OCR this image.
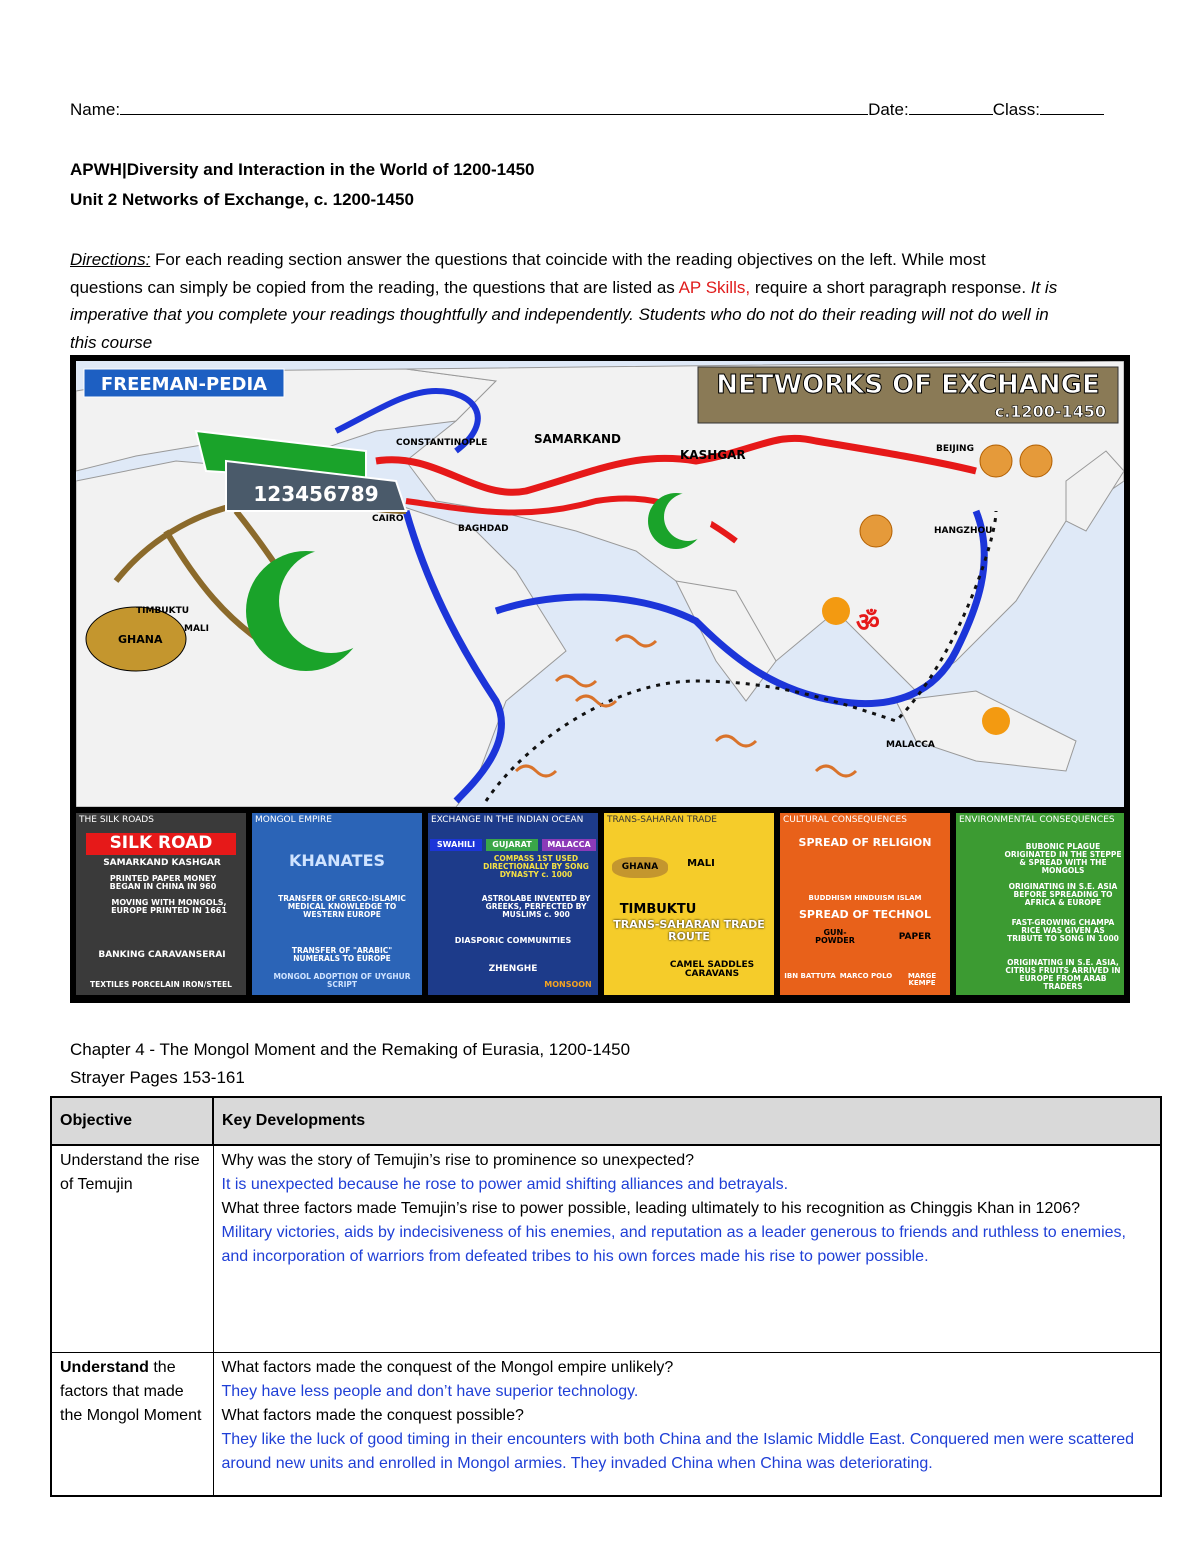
Name:	Date:	Class:
APWH|Diversity and Interaction in the World of 1200-1450
Unit 2 Networks of Exchange, c. 1200-1450
Directions: For each reading section answer the questions that coincide with the reading objectives on the left. While most
questions can simply be copied from the reading, the questions that are listed as AP Skills, require a short paragraph response. It is
imperative that you complete your readings thoughtfully and independently. Students who do not do their reading will not do well in
this course
NETWORKS OF EXCHANGE
c.1200-1450
FREEMAN-PEDIA
123456789
ॐ
CONSTANTINOPLE	SAMARKAND
KASHGAR	BEIJING
CAIRO
BAGHDAD	HANGZHOU
TIMBUKTU
GHANA
MALI
MALACCA
THE SILK ROADS
SILK ROAD
SAMARKAND KASHGAR
PRINTED PAPER MONEY BEGAN IN CHINA IN 960
MOVING WITH MONGOLS, EUROPE PRINTED IN 1661
BANKING CARAVANSERAI
TEXTILES PORCELAIN IRON/STEEL
MONGOL EMPIRE
KHANATES
TRANSFER OF GRECO-ISLAMIC MEDICAL KNOWLEDGE TO WESTERN EUROPE
TRANSFER OF "ARABIC" NUMERALS TO EUROPE
MONGOL ADOPTION OF UYGHUR SCRIPT
EXCHANGE IN THE INDIAN OCEAN
SWAHILI	GUJARAT	MALACCA
COMPASS 1ST USED DIRECTIONALLY BY SONG DYNASTY c. 1000
ASTROLABE INVENTED BY GREEKS, PERFECTED BY MUSLIMS c. 900
DIASPORIC COMMUNITIES
ZHENGHE
MONSOON
TRANS-SAHARAN TRADE
GHANA	MALI
TIMBUKTU
TRANS-SAHARAN TRADE ROUTE
CAMEL SADDLES CARAVANS
CULTURAL CONSEQUENCES
SPREAD OF RELIGION
BUDDHISM HINDUISM ISLAM
SPREAD OF TECHNOL
GUN-POWDER	PAPER
IBN BATTUTA MARCO POLO	MARGE KEMPE
ENVIRONMENTAL CONSEQUENCES
BUBONIC PLAGUE ORIGINATED IN THE STEPPE & SPREAD WITH THE MONGOLS
ORIGINATING IN S.E. ASIA BEFORE SPREADING TO AFRICA & EUROPE
FAST-GROWING CHAMPA RICE WAS GIVEN AS TRIBUTE TO SONG IN 1000
ORIGINATING IN S.E. ASIA, CITRUS FRUITS ARRIVED IN EUROPE FROM ARAB TRADERS
Chapter 4 - The Mongol Moment and the Remaking of Eurasia, 1200-1450
Strayer Pages 153-161
Objective	Key Developments
Understand the rise of Temujin	Why was the story of Temujin’s rise to prominence so unexpected?
It is unexpected because he rose to power amid shifting alliances and betrayals.
What three factors made Temujin’s rise to power possible, leading ultimately to his recognition as Chinggis Khan in 1206?
Military victories, aids by indecisiveness of his enemies, and reputation as a leader generous to friends and ruthless to enemies, and incorporation of warriors from defeated tribes to his own forces made his rise to power possible.

Understand the factors that made the Mongol Moment	What factors made the conquest of the Mongol empire unlikely?
They have less people and don’t have superior technology.
What factors made the conquest possible?
They like the luck of good timing in their encounters with both China and the Islamic Middle East. Conquered men were scattered around new units and enrolled in Mongol armies. They invaded China when China was deteriorating.
